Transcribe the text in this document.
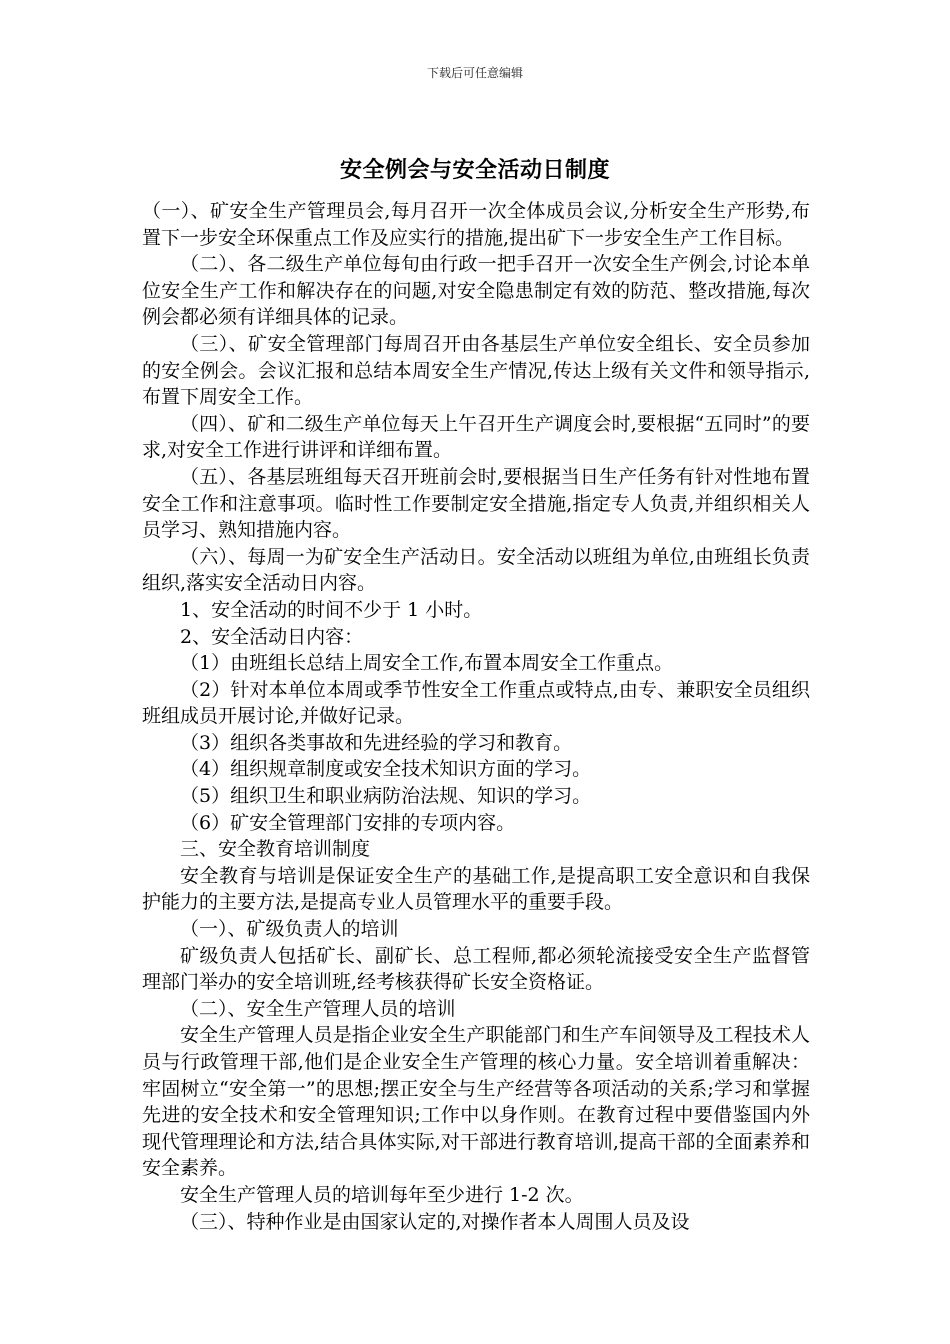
下载后可任意编辑
安全例会与安全活动日制度

（一）、矿安全生产管理员会,每月召开一次全体成员会议,分析安全生产形势,布置下一步安全环保重点工作及应实行的措施,提出矿下一步安全生产工作目标。

（二）、各二级生产单位每旬由行政一把手召开一次安全生产例会,讨论本单位安全生产工作和解决存在的问题,对安全隐患制定有效的防范、整改措施,每次例会都必须有详细具体的记录。

（三）、矿安全管理部门每周召开由各基层生产单位安全组长、安全员参加的安全例会。会议汇报和总结本周安全生产情况,传达上级有关文件和领导指示,布置下周安全工作。

（四）、矿和二级生产单位每天上午召开生产调度会时,要根据“五同时”的要求,对安全工作进行讲评和详细布置。

（五）、各基层班组每天召开班前会时,要根据当日生产任务有针对性地布置安全工作和注意事项。临时性工作要制定安全措施,指定专人负责,并组织相关人员学习、熟知措施内容。

（六）、每周一为矿安全生产活动日。安全活动以班组为单位,由班组长负责组织,落实安全活动日内容。

1、安全活动的时间不少于 1 小时。

2、安全活动日内容：

（1）由班组长总结上周安全工作,布置本周安全工作重点。

（2）针对本单位本周或季节性安全工作重点或特点,由专、兼职安全员组织班组成员开展讨论,并做好记录。

（3）组织各类事故和先进经验的学习和教育。

（4）组织规章制度或安全技术知识方面的学习。

（5）组织卫生和职业病防治法规、知识的学习。

（6）矿安全管理部门安排的专项内容。

三、安全教育培训制度

安全教育与培训是保证安全生产的基础工作,是提高职工安全意识和自我保护能力的主要方法,是提高专业人员管理水平的重要手段。

（一）、矿级负责人的培训

矿级负责人包括矿长、副矿长、总工程师,都必须轮流接受安全生产监督管理部门举办的安全培训班,经考核获得矿长安全资格证。

（二）、安全生产管理人员的培训

安全生产管理人员是指企业安全生产职能部门和生产车间领导及工程技术人员与行政管理干部,他们是企业安全生产管理的核心力量。安全培训着重解决：牢固树立“安全第一”的思想;摆正安全与生产经营等各项活动的关系;学习和掌握先进的安全技术和安全管理知识;工作中以身作则。在教育过程中要借鉴国内外现代管理理论和方法,结合具体实际,对干部进行教育培训,提高干部的全面素养和安全素养。

安全生产管理人员的培训每年至少进行 1-2 次。

（三）、特种作业是由国家认定的,对操作者本人周围人员及设
